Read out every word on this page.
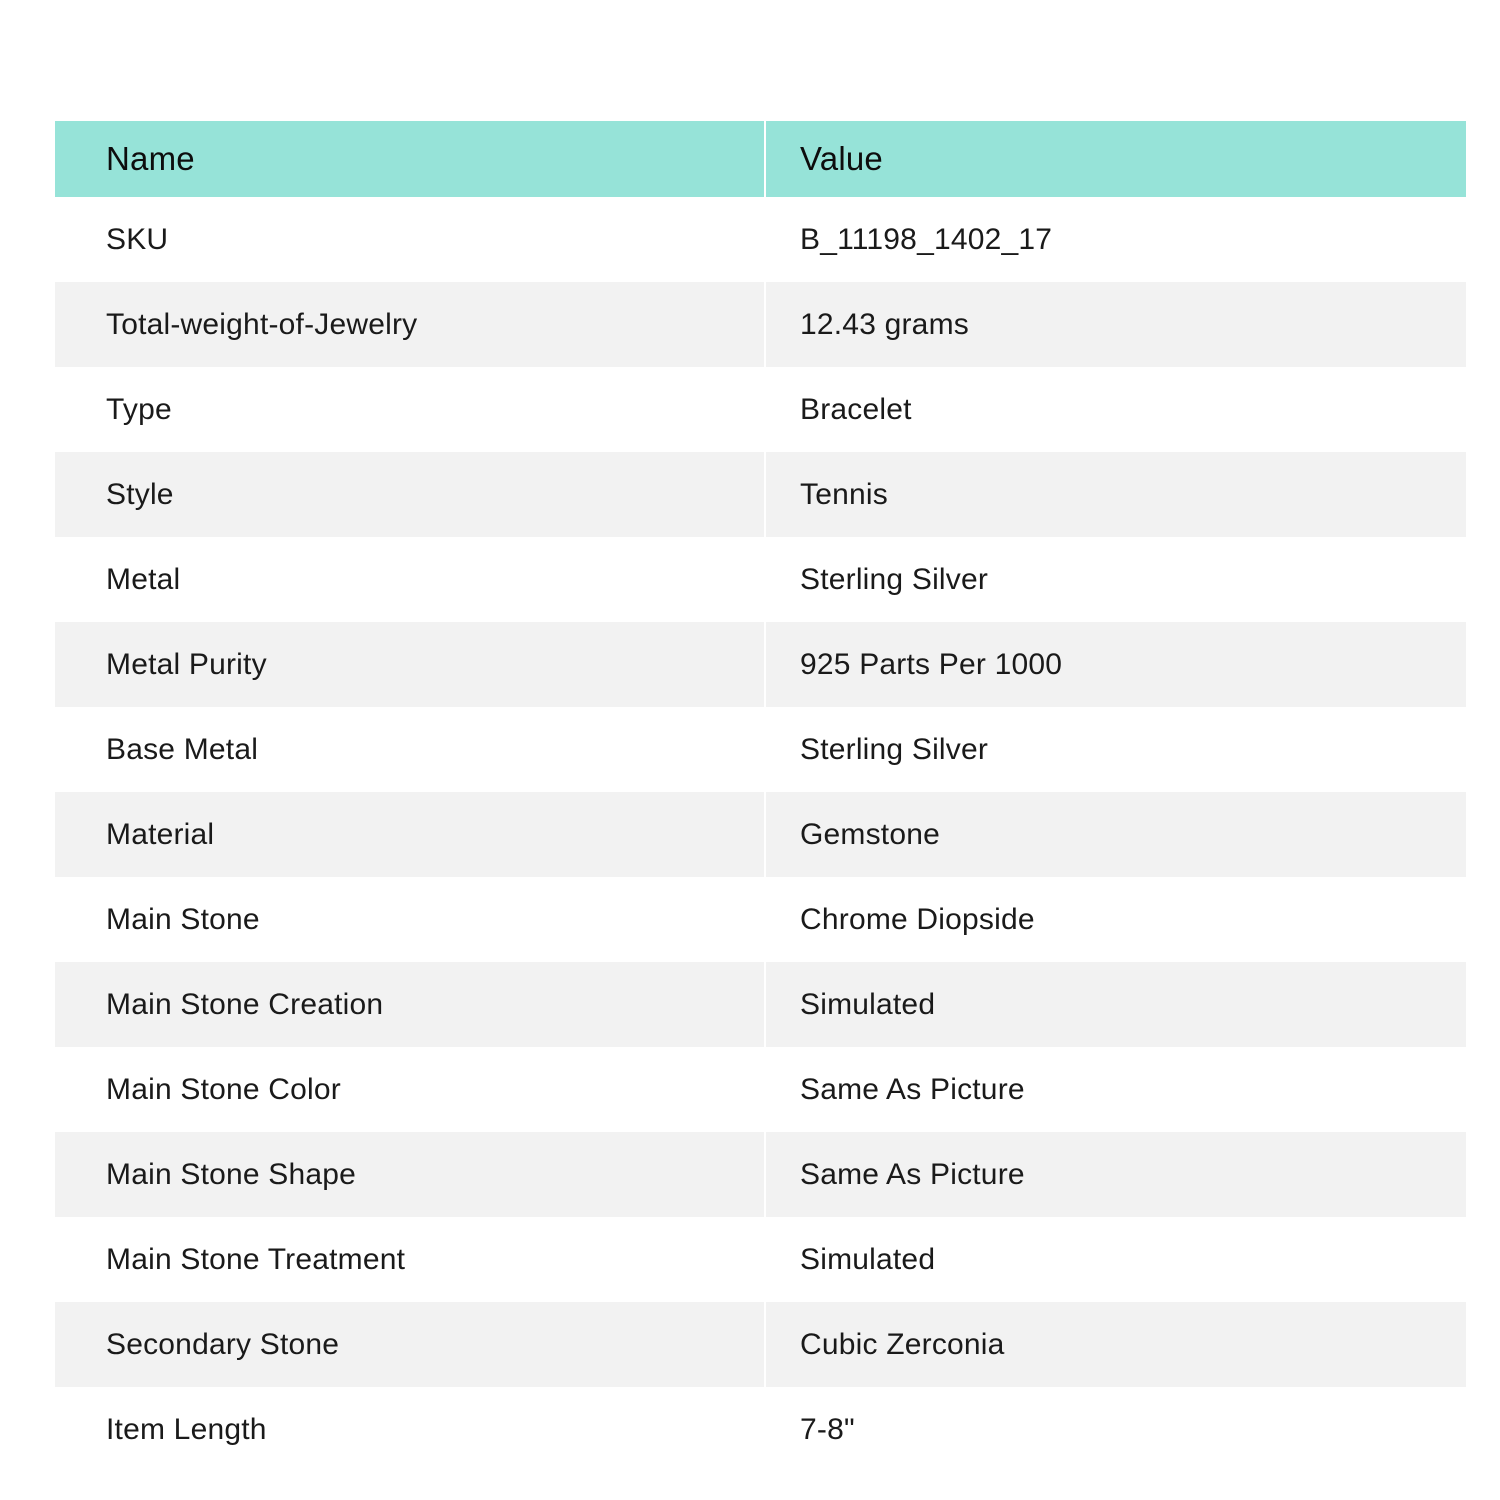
Name	Value
SKU	B_11198_1402_17
Total-weight-of-Jewelry	12.43 grams
Type	Bracelet
Style	Tennis
Metal	Sterling Silver
Metal Purity	925 Parts Per 1000
Base Metal	Sterling Silver
Material	Gemstone
Main Stone	Chrome Diopside
Main Stone Creation	Simulated
Main Stone Color	Same As Picture
Main Stone Shape	Same As Picture
Main Stone Treatment	Simulated
Secondary Stone	Cubic Zerconia
Item Length	7-8"
